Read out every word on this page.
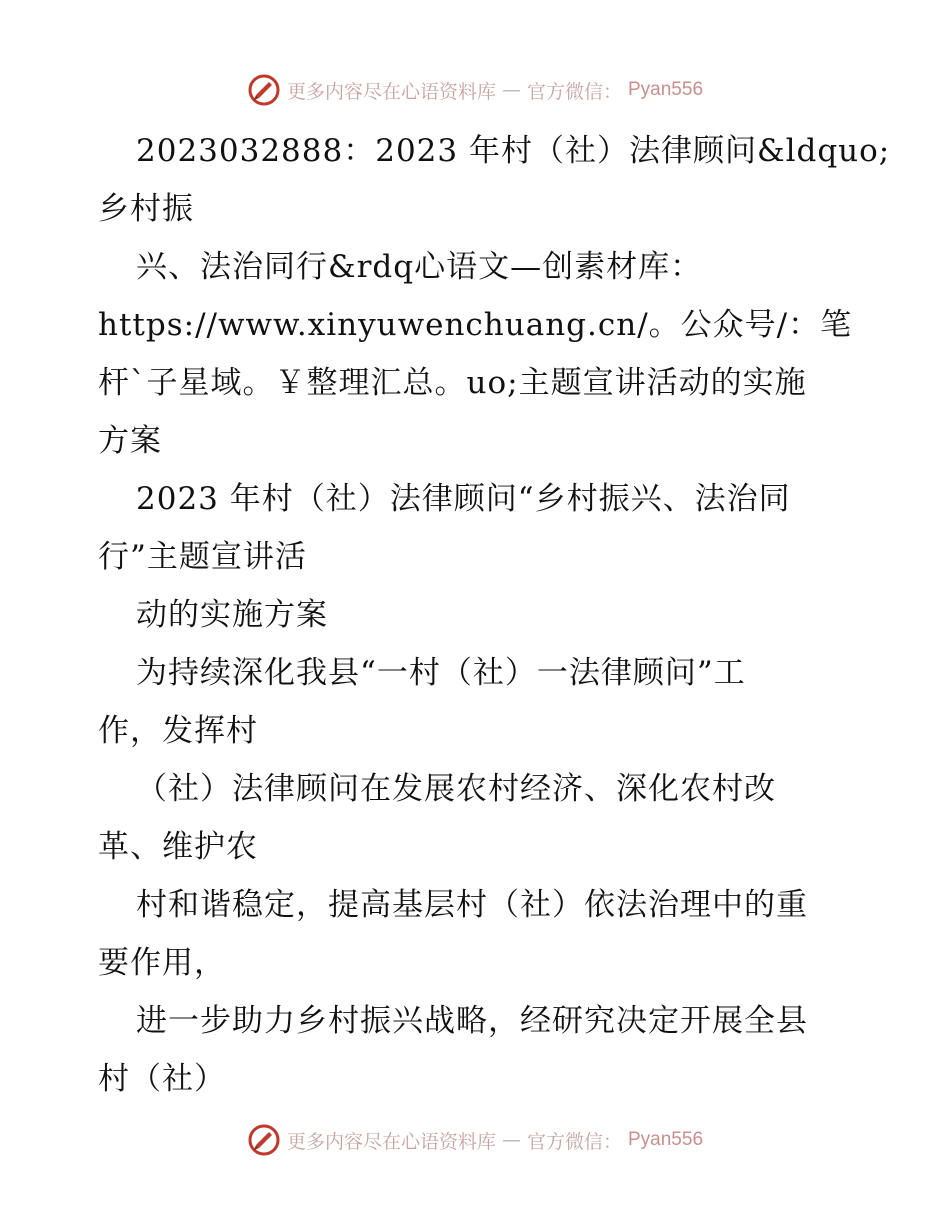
更多内容尽在心语资料库 — 官方微信： Pyan556

2023032888：2023 年村（社）法律顾问&ldquo;

乡村振

兴、法治同行&rdq心语文—创素材库：

https://www.xinyuwenchuang.cn/。公众号/：笔

杆`子星域。￥整理汇总。uo;主题宣讲活动的实施

方案

2023 年村（社）法律顾问“乡村振兴、法治同

行”主题宣讲活

动的实施方案

为持续深化我县“一村（社）一法律顾问”工

作，发挥村

（社）法律顾问在发展农村经济、深化农村改

革、维护农

村和谐稳定，提高基层村（社）依法治理中的重

要作用，

进一步助力乡村振兴战略，经研究决定开展全县

村（社）

更多内容尽在心语资料库 — 官方微信： Pyan556
